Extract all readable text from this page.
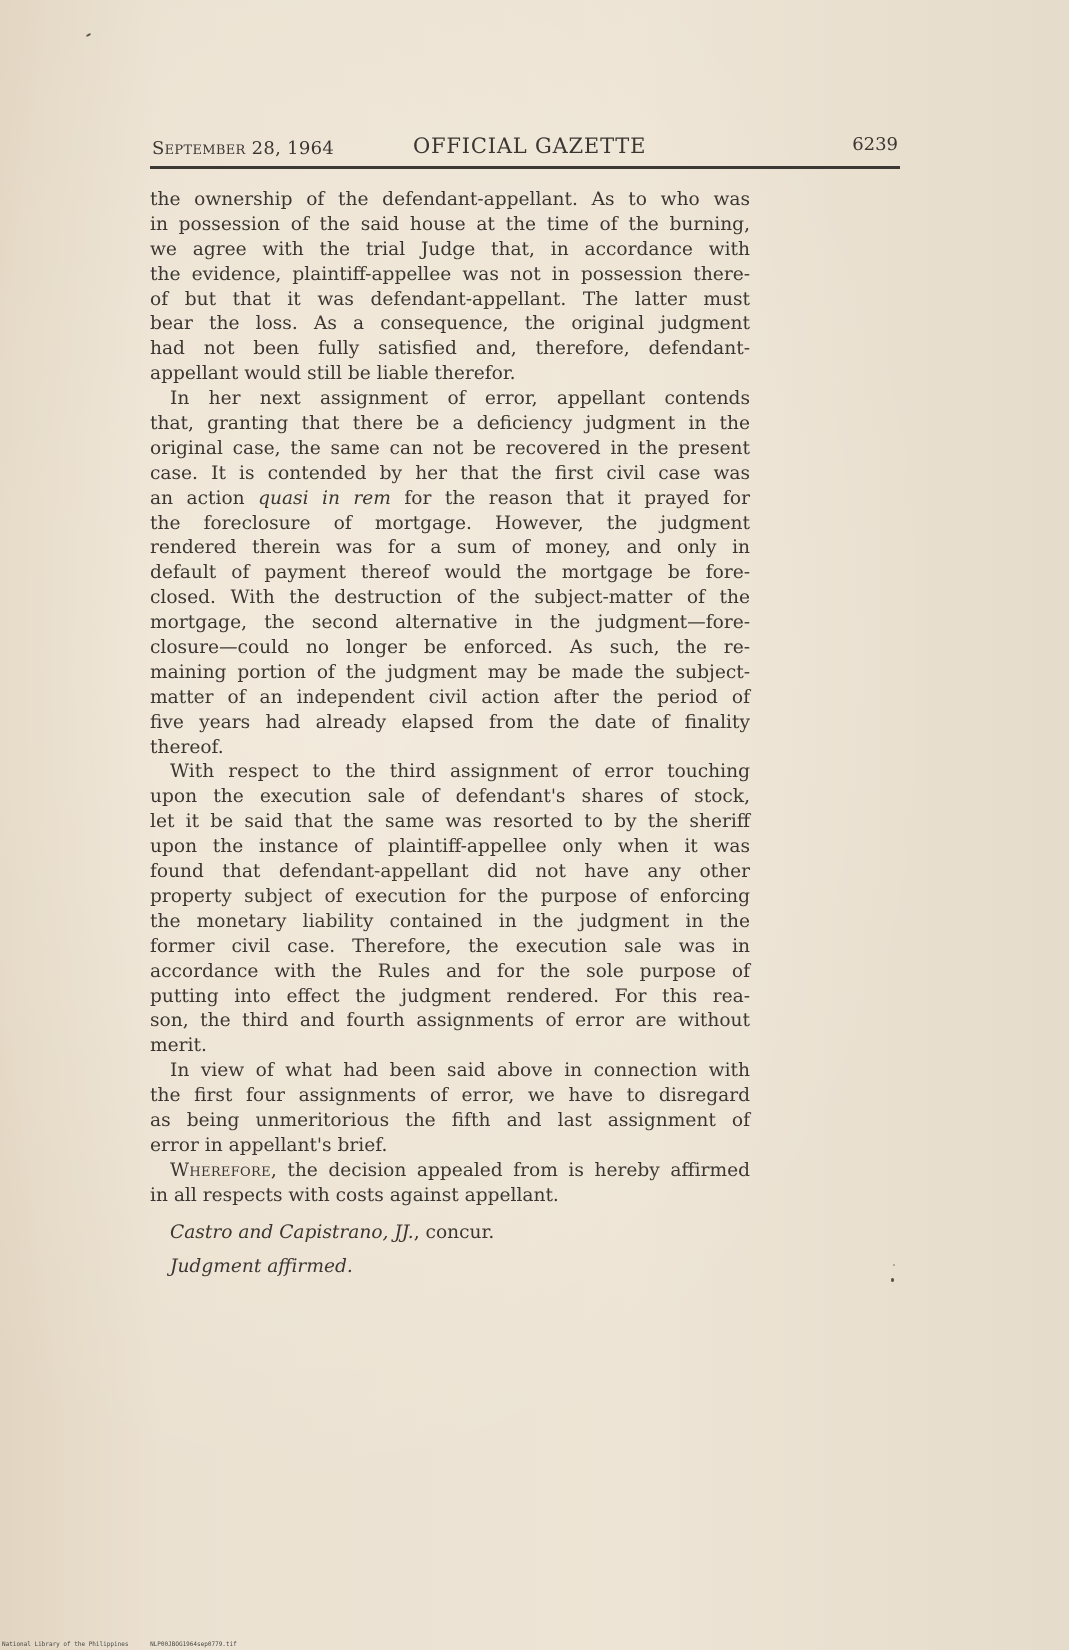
September 28, 1964	OFFICIAL GAZETTE	6239
the ownership of the defendant-appellant. As to who was
in possession of the said house at the time of the burning,
we agree with the trial Judge that, in accordance with
the evidence, plaintiff-appellee was not in possession there-
of but that it was defendant-appellant. The latter must
bear the loss. As a consequence, the original judgment
had not been fully satisfied and, therefore, defendant-
appellant would still be liable therefor.
In her next assignment of error, appellant contends
that, granting that there be a deficiency judgment in the
original case, the same can not be recovered in the present
case. It is contended by her that the first civil case was
an action quasi in rem for the reason that it prayed for
the foreclosure of mortgage. However, the judgment
rendered therein was for a sum of money, and only in
default of payment thereof would the mortgage be fore-
closed. With the destruction of the subject-matter of the
mortgage, the second alternative in the judgment—fore-
closure—could no longer be enforced. As such, the re-
maining portion of the judgment may be made the subject-
matter of an independent civil action after the period of
five years had already elapsed from the date of finality
thereof.
With respect to the third assignment of error touching
upon the execution sale of defendant's shares of stock,
let it be said that the same was resorted to by the sheriff
upon the instance of plaintiff-appellee only when it was
found that defendant-appellant did not have any other
property subject of execution for the purpose of enforcing
the monetary liability contained in the judgment in the
former civil case. Therefore, the execution sale was in
accordance with the Rules and for the sole purpose of
putting into effect the judgment rendered. For this rea-
son, the third and fourth assignments of error are without
merit.
In view of what had been said above in connection with
the first four assignments of error, we have to disregard
as being unmeritorious the fifth and last assignment of
error in appellant's brief.
Wherefore, the decision appealed from is hereby affirmed
in all respects with costs against appellant.
Castro and Capistrano, JJ., concur.
Judgment affirmed.
National Library of the Philippines	NLP00JBOG1964sep0779.tif
